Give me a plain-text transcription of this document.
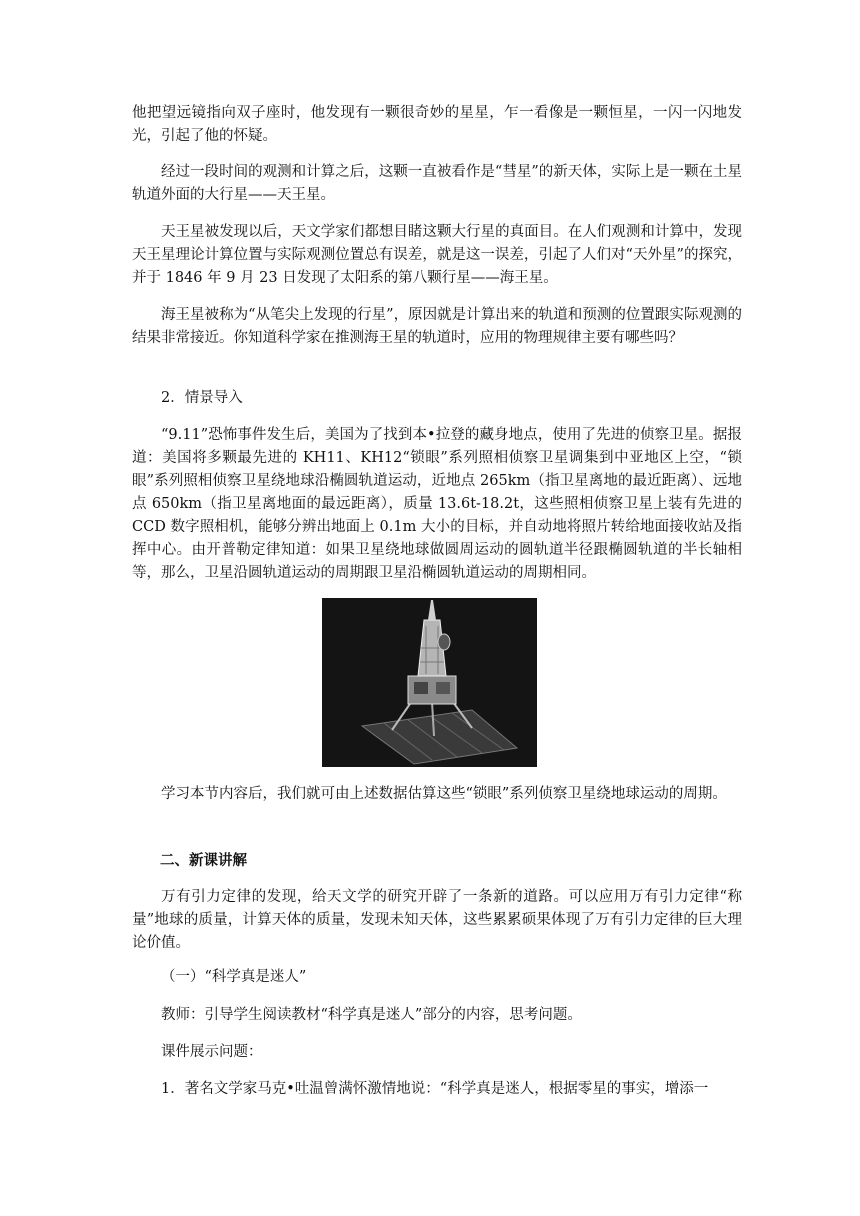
他把望远镜指向双子座时，他发现有一颗很奇妙的星星，乍一看像是一颗恒星，一闪一闪地发光，引起了他的怀疑。

经过一段时间的观测和计算之后，这颗一直被看作是“彗星”的新天体，实际上是一颗在土星轨道外面的大行星——天王星。

天王星被发现以后，天文学家们都想目睹这颗大行星的真面目。在人们观测和计算中，发现天王星理论计算位置与实际观测位置总有误差，就是这一误差，引起了人们对“天外星”的探究，并于 1846 年 9 月 23 日发现了太阳系的第八颗行星——海王星。

海王星被称为“从笔尖上发现的行星”，原因就是计算出来的轨道和预测的位置跟实际观测的结果非常接近。你知道科学家在推测海王星的轨道时，应用的物理规律主要有哪些吗？

2．情景导入

“9.11”恐怖事件发生后，美国为了找到本•拉登的藏身地点，使用了先进的侦察卫星。据报道：美国将多颗最先进的 KH11、KH12“锁眼”系列照相侦察卫星调集到中亚地区上空，“锁眼”系列照相侦察卫星绕地球沿椭圆轨道运动，近地点 265km（指卫星离地的最近距离）、远地点 650km（指卫星离地面的最远距离），质量 13.6t-18.2t，这些照相侦察卫星上装有先进的 CCD 数字照相机，能够分辨出地面上 0.1m 大小的目标，并自动地将照片转给地面接收站及指挥中心。由开普勒定律知道：如果卫星绕地球做圆周运动的圆轨道半径跟椭圆轨道的半长轴相等，那么，卫星沿圆轨道运动的周期跟卫星沿椭圆轨道运动的周期相同。

学习本节内容后，我们就可由上述数据估算这些“锁眼”系列侦察卫星绕地球运动的周期。

二、新课讲解

万有引力定律的发现，给天文学的研究开辟了一条新的道路。可以应用万有引力定律“称量”地球的质量，计算天体的质量，发现未知天体，这些累累硕果体现了万有引力定律的巨大理论价值。

（一）“科学真是迷人”

教师：引导学生阅读教材“科学真是迷人”部分的内容，思考问题。

课件展示问题：

1．著名文学家马克•吐温曾满怀激情地说：“科学真是迷人，根据零星的事实，增添一
